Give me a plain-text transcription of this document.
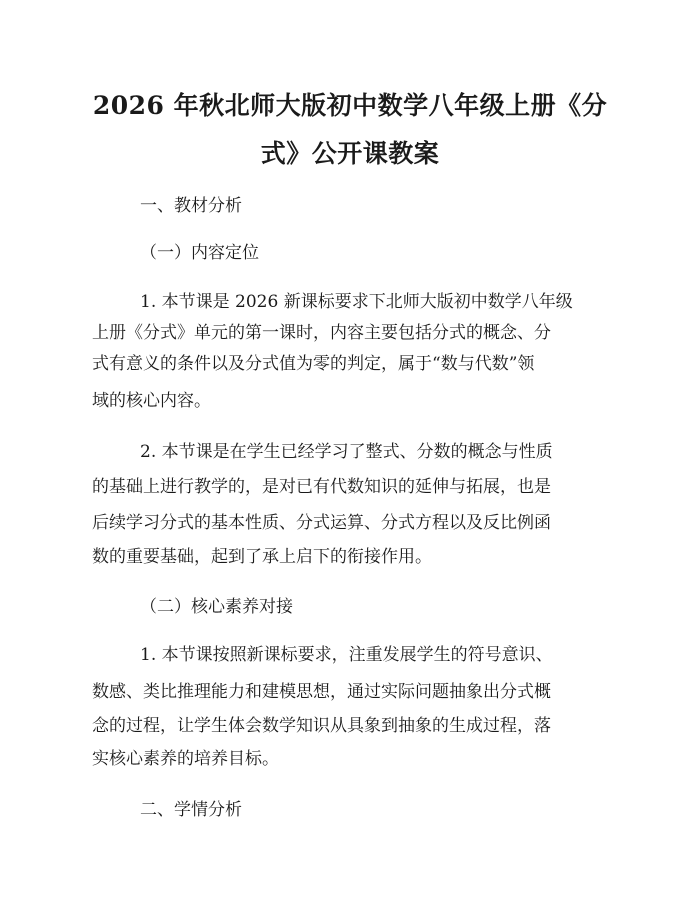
2026 年秋北师大版初中数学八年级上册《分
式》公开课教案
一、教材分析
（一）内容定位
1. 本节课是 2026 新课标要求下北师大版初中数学八年级
上册《分式》单元的第一课时，内容主要包括分式的概念、分
式有意义的条件以及分式值为零的判定，属于“数与代数”领
域的核心内容。
2. 本节课是在学生已经学习了整式、分数的概念与性质
的基础上进行教学的，是对已有代数知识的延伸与拓展，也是
后续学习分式的基本性质、分式运算、分式方程以及反比例函
数的重要基础，起到了承上启下的衔接作用。
（二）核心素养对接
1. 本节课按照新课标要求，注重发展学生的符号意识、
数感、类比推理能力和建模思想，通过实际问题抽象出分式概
念的过程，让学生体会数学知识从具象到抽象的生成过程，落
实核心素养的培养目标。
二、学情分析
